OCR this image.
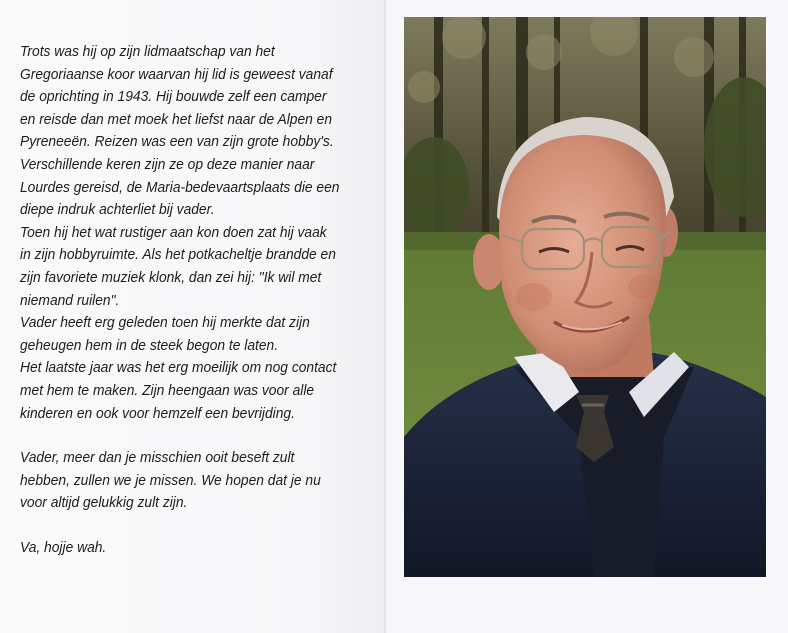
Trots was hij op zijn lidmaatschap van het

Gregoriaanse koor waarvan hij lid is geweest vanaf

de oprichting in 1943. Hij bouwde zelf een camper

en reisde dan met moek het liefst naar de Alpen en

Pyreneeën. Reizen was een van zijn grote hobby's.

Verschillende keren zijn ze op deze manier naar

Lourdes gereisd, de Maria-bedevaartsplaats die een

diepe indruk achterliet bij vader.

Toen hij het wat rustiger aan kon doen zat hij vaak

in zijn hobbyruimte. Als het potkacheltje brandde en

zijn favoriete muziek klonk, dan zei hij: "Ik wil met

niemand ruilen".

Vader heeft erg geleden toen hij merkte dat zijn

geheugen hem in de steek begon te laten.

Het laatste jaar was het erg moeilijk om nog contact

met hem te maken. Zijn heengaan was voor alle

kinderen en ook voor hemzelf een bevrijding.

Vader, meer dan je misschien ooit beseft zult

hebben, zullen we je missen. We hopen dat je nu

voor altijd gelukkig zult zijn.

Va, hojje wah.
